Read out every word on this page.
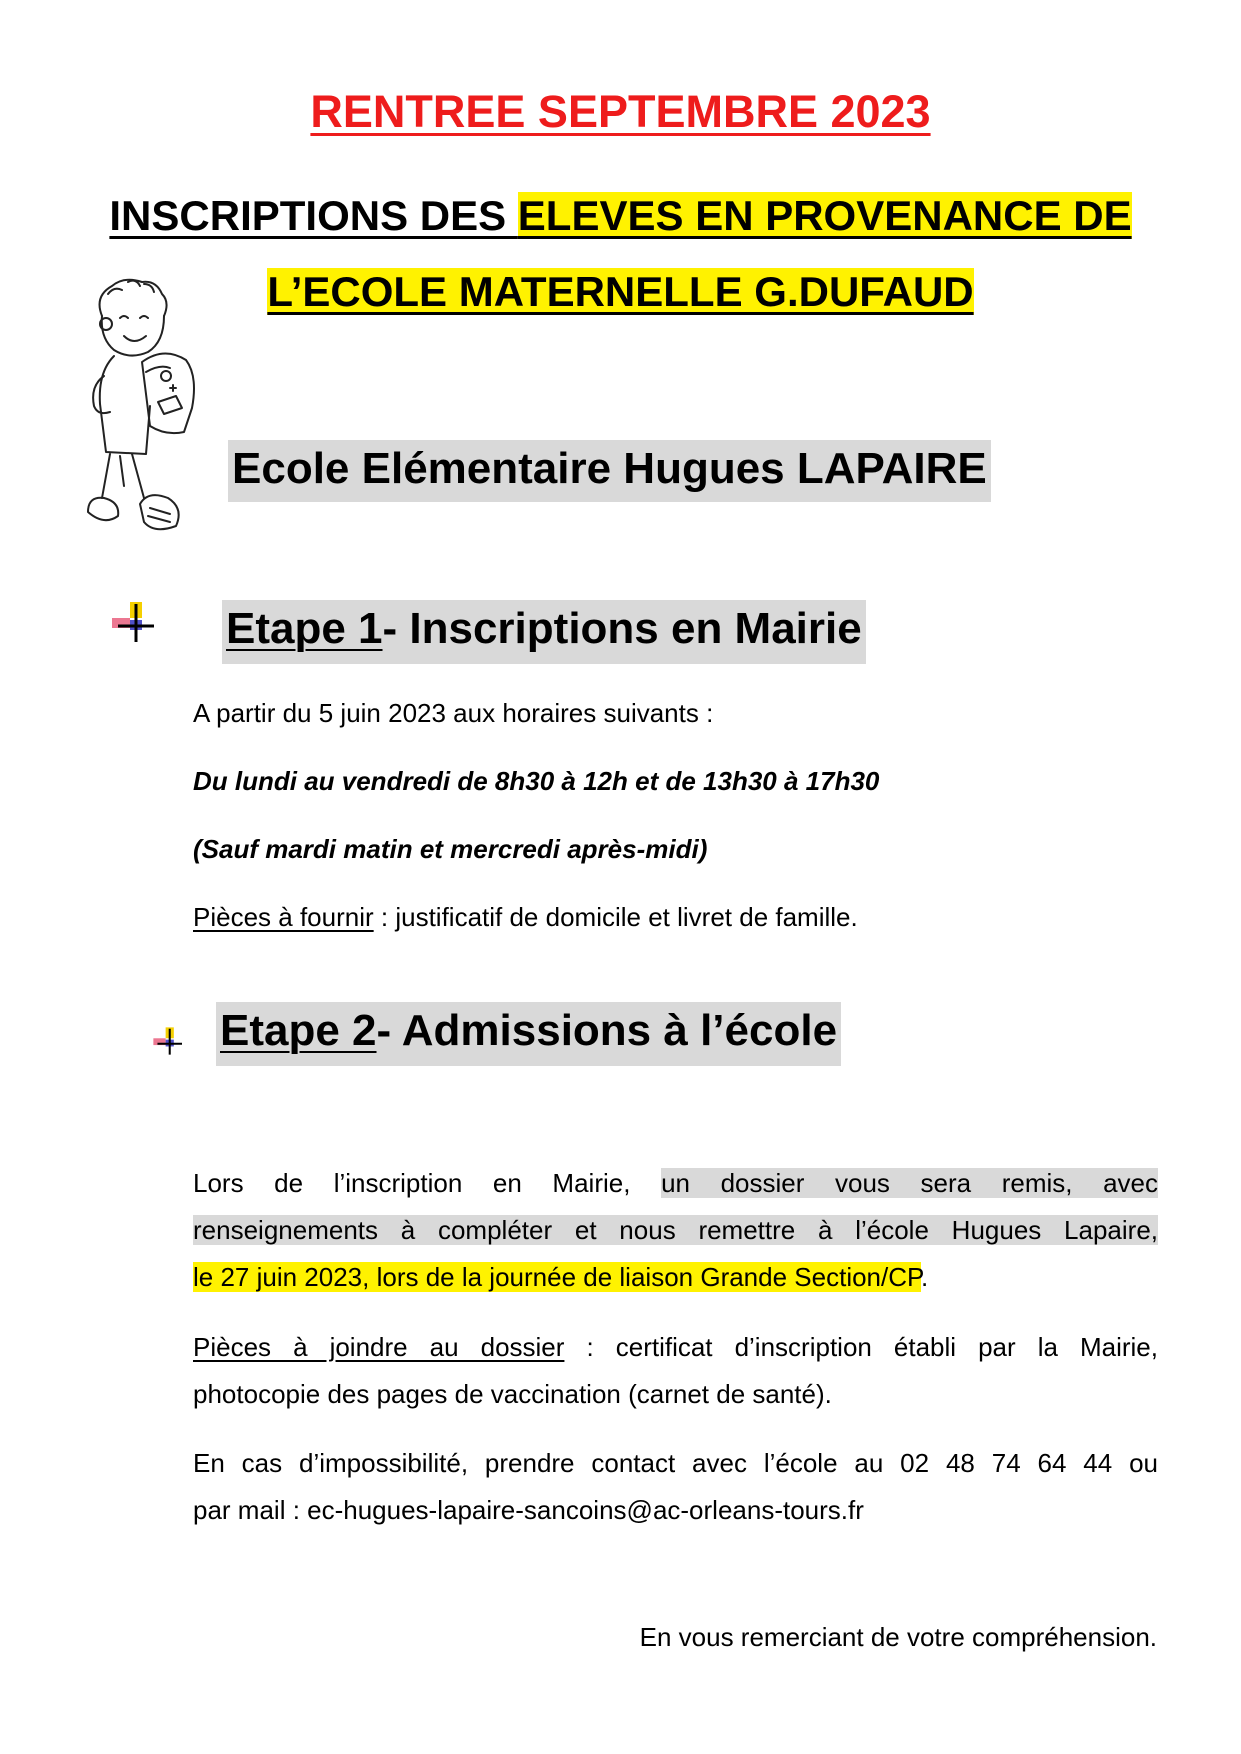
RENTREE SEPTEMBRE 2023
INSCRIPTIONS DES ELEVES EN PROVENANCE DE
L’ECOLE MATERNELLE G.DUFAUD
Ecole Elémentaire Hugues LAPAIRE
Etape 1- Inscriptions en Mairie
A partir du 5 juin 2023 aux horaires suivants :
Du lundi au vendredi de 8h30 à 12h et de 13h30 à 17h30
(Sauf mardi matin et mercredi après-midi)
Pièces à fournir : justificatif de domicile et livret de famille.
Etape 2- Admissions à l’école
Lors de l’inscription en Mairie, un dossier vous sera remis, avec
renseignements à compléter et nous remettre à l’école Hugues Lapaire,
le 27 juin 2023, lors de la journée de liaison Grande Section/CP.
Pièces à joindre au dossier : certificat d’inscription établi par la Mairie,
photocopie des pages de vaccination (carnet de santé).
En cas d’impossibilité, prendre contact avec l’école au 02 48 74 64 44 ou
par mail : ec-hugues-lapaire-sancoins@ac-orleans-tours.fr
En vous remerciant de votre compréhension.
